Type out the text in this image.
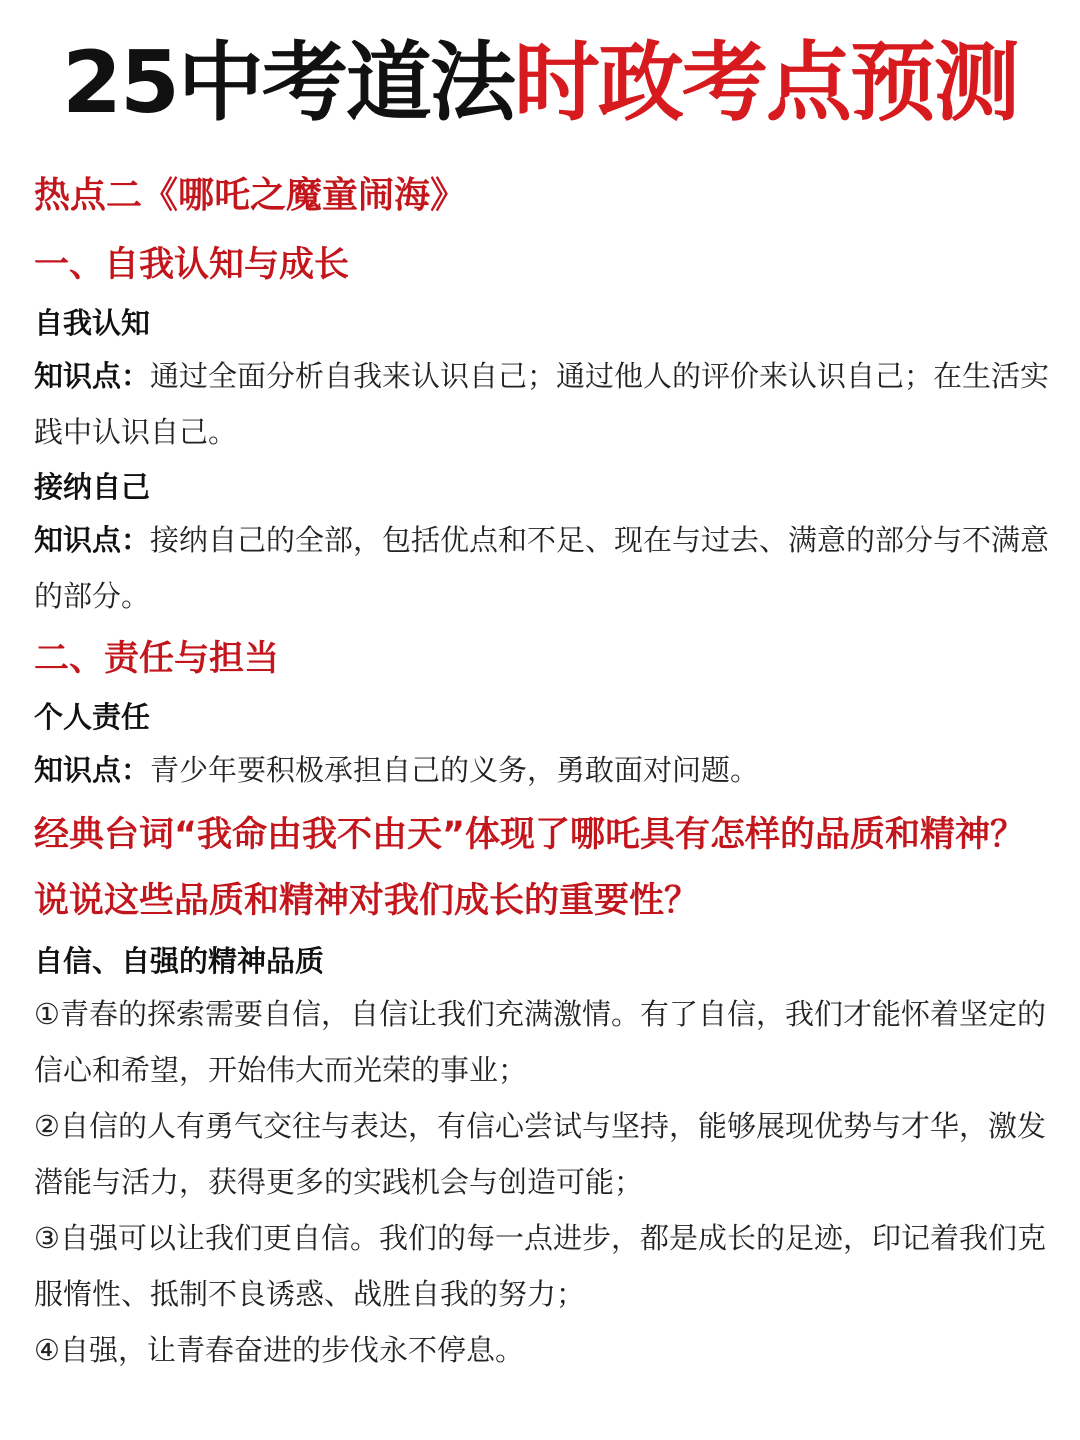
25中考道法时政考点预测
热点二《哪吒之魔童闹海》
一、自我认知与成长
自我认知
知识点：通过全面分析自我来认识自己；通过他人的评价来认识自己；在生活实践中认识自己。
接纳自己
知识点：接纳自己的全部，包括优点和不足、现在与过去、满意的部分与不满意的部分。
二、责任与担当
个人责任
知识点：青少年要积极承担自己的义务，勇敢面对问题。
经典台词“我命由我不由天”体现了哪吒具有怎样的品质和精神？说说这些品质和精神对我们成长的重要性？
自信、自强的精神品质
①青春的探索需要自信，自信让我们充满激情。有了自信，我们才能怀着坚定的信心和希望，开始伟大而光荣的事业；
②自信的人有勇气交往与表达，有信心尝试与坚持，能够展现优势与才华，激发潜能与活力，获得更多的实践机会与创造可能；
③自强可以让我们更自信。我们的每一点进步，都是成长的足迹，印记着我们克服惰性、抵制不良诱惑、战胜自我的努力；
④自强，让青春奋进的步伐永不停息。
